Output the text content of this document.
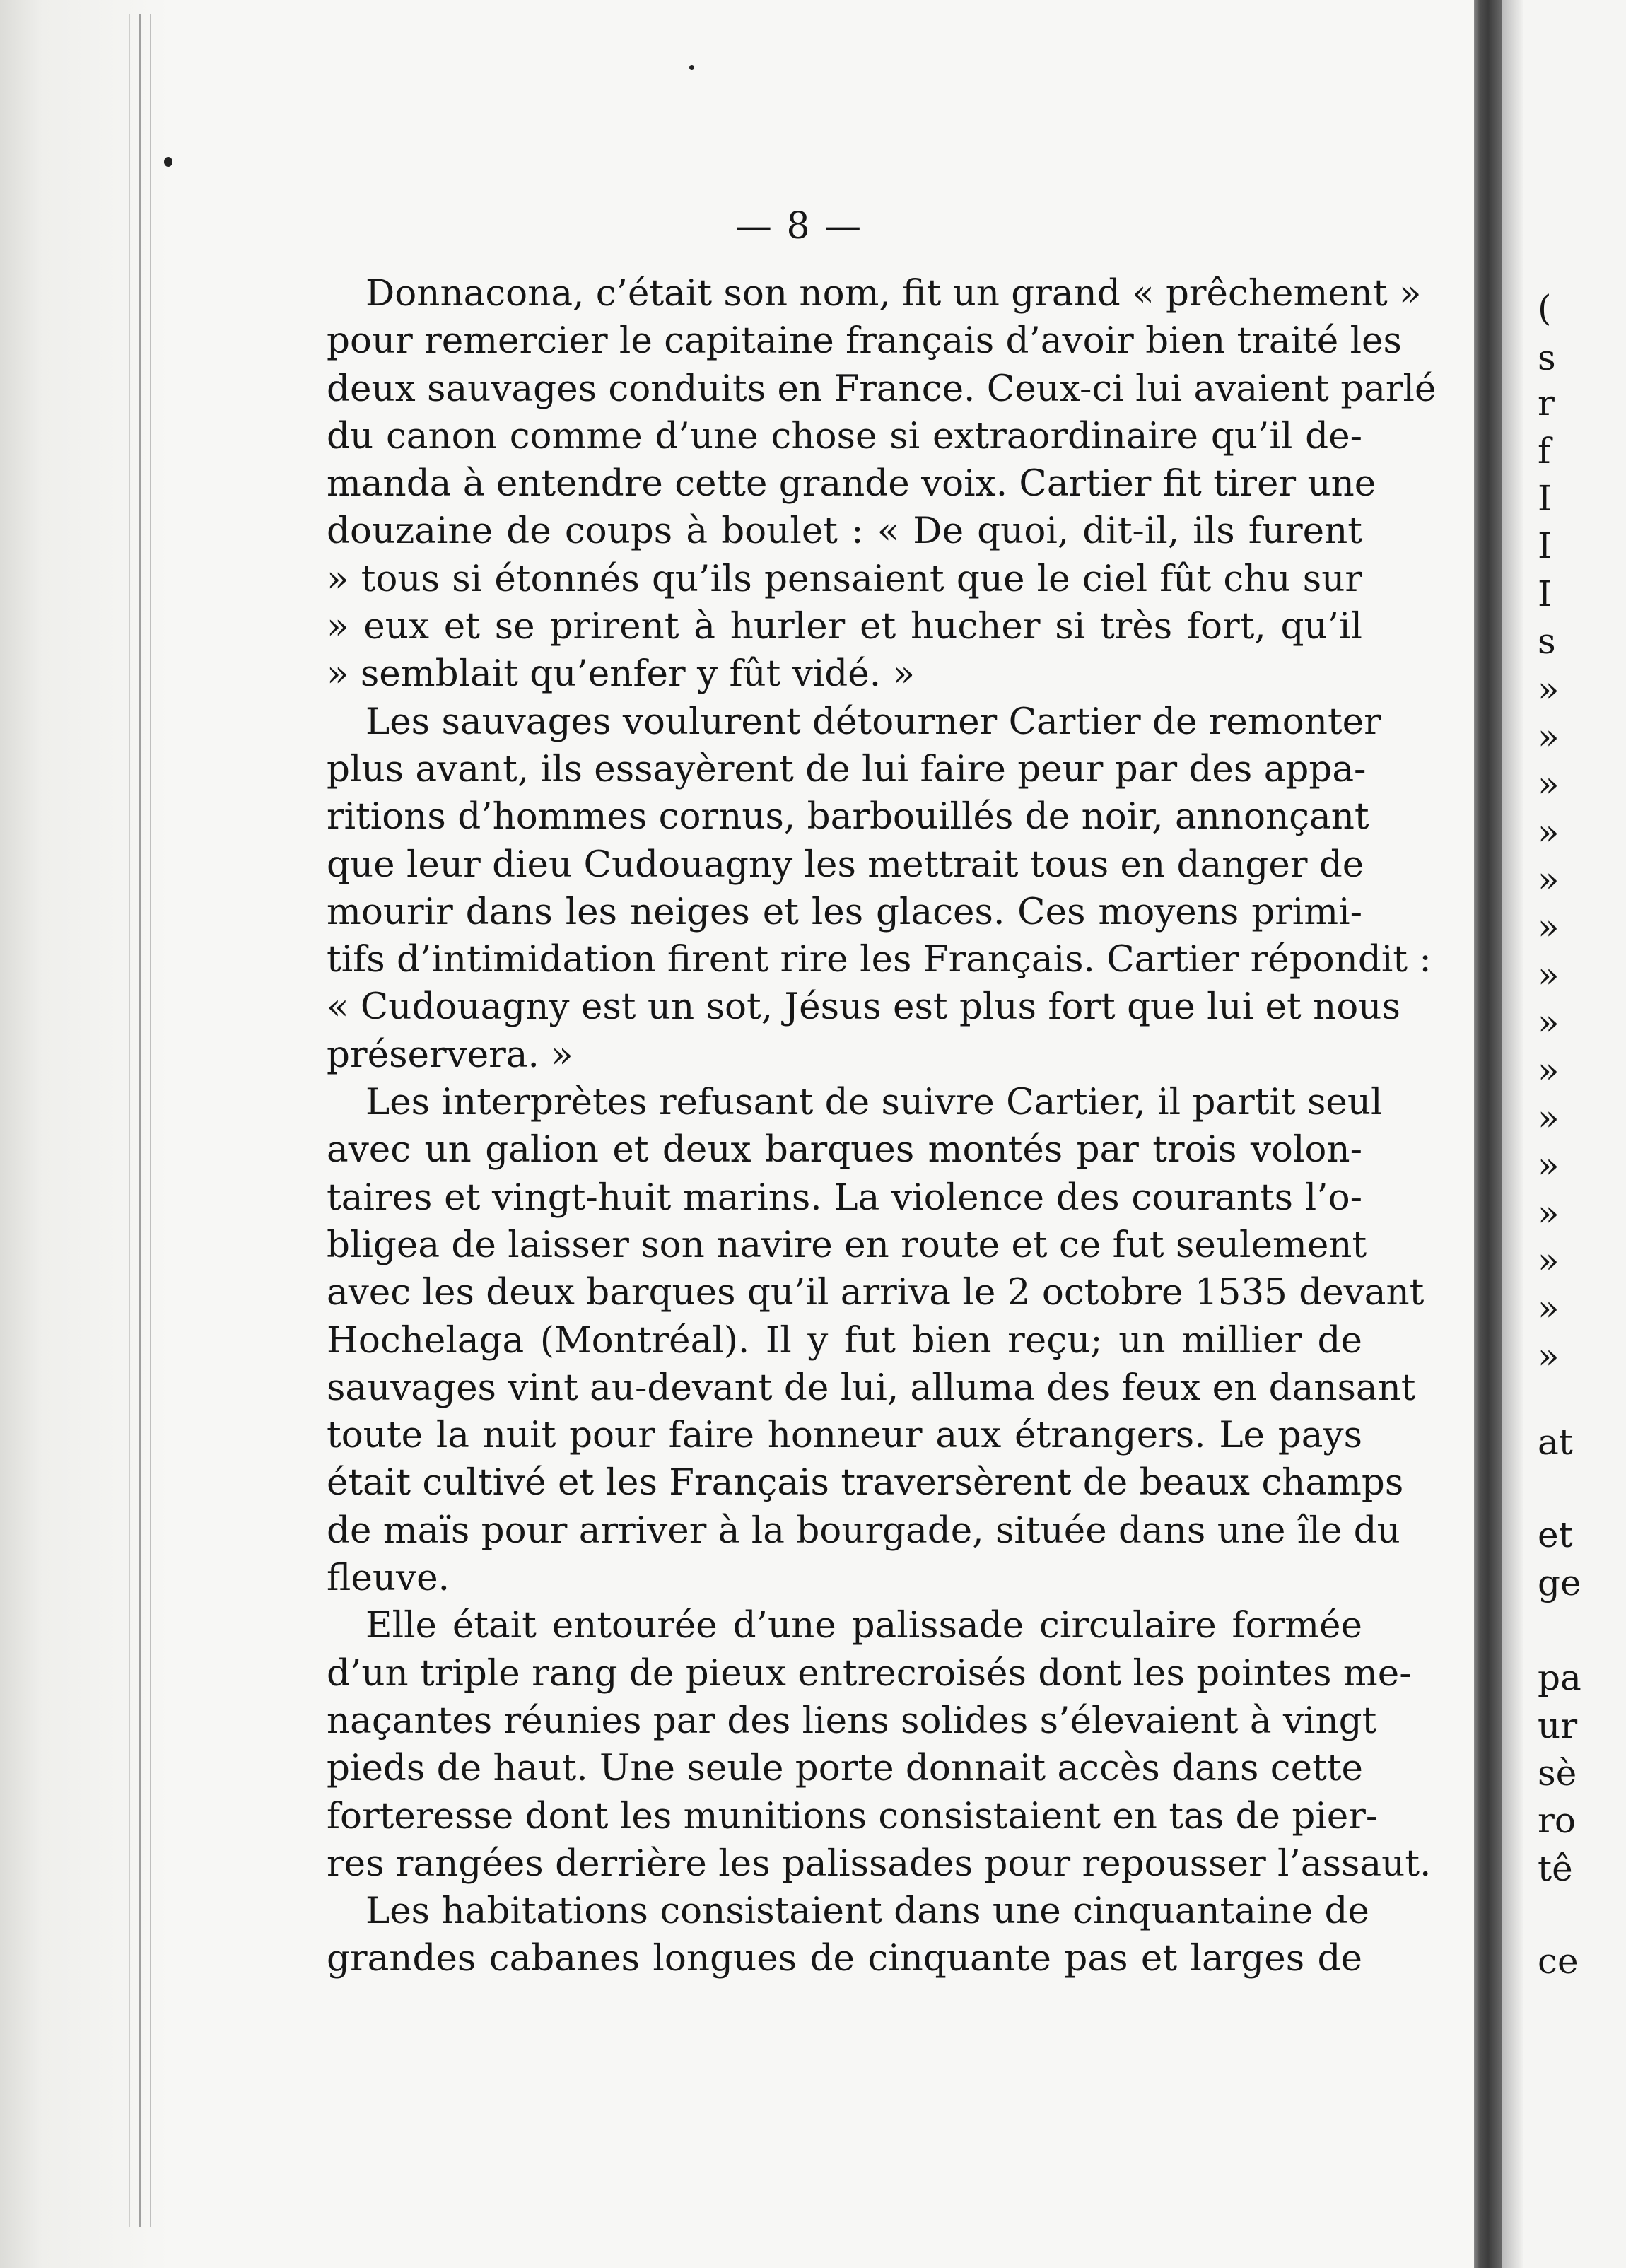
— 8 —
Donnacona, c’était son nom, fit un grand « prêchement »
pour remercier le capitaine français d’avoir bien traité les
deux sauvages conduits en France. Ceux-ci lui avaient parlé
du canon comme d’une chose si extraordinaire qu’il de-
manda à entendre cette grande voix. Cartier fit tirer une
douzaine de coups à boulet : « De quoi, dit-il, ils furent
» tous si étonnés qu’ils pensaient que le ciel fût chu sur
» eux et se prirent à hurler et hucher si très fort, qu’il
» semblait qu’enfer y fût vidé. »
Les sauvages voulurent détourner Cartier de remonter
plus avant, ils essayèrent de lui faire peur par des appa-
ritions d’hommes cornus, barbouillés de noir, annonçant
que leur dieu Cudouagny les mettrait tous en danger de
mourir dans les neiges et les glaces. Ces moyens primi-
tifs d’intimidation firent rire les Français. Cartier répondit :
« Cudouagny est un sot, Jésus est plus fort que lui et nous
préservera. »
Les interprètes refusant de suivre Cartier, il partit seul
avec un galion et deux barques montés par trois volon-
taires et vingt-huit marins. La violence des courants l’o-
bligea de laisser son navire en route et ce fut seulement
avec les deux barques qu’il arriva le 2 octobre 1535 devant
Hochelaga (Montréal). Il y fut bien reçu; un millier de
sauvages vint au-devant de lui, alluma des feux en dansant
toute la nuit pour faire honneur aux étrangers. Le pays
était cultivé et les Français traversèrent de beaux champs
de maïs pour arriver à la bourgade, située dans une île du
fleuve.
Elle était entourée d’une palissade circulaire formée
d’un triple rang de pieux entrecroisés dont les pointes me-
naçantes réunies par des liens solides s’élevaient à vingt
pieds de haut. Une seule porte donnait accès dans cette
forteresse dont les munitions consistaient en tas de pier-
res rangées derrière les palissades pour repousser l’assaut.
Les habitations consistaient dans une cinquantaine de
grandes cabanes longues de cinquante pas et larges de
(
s
r
f
I
I
I
s
»
»
»
»
»
»
»
»
»
»
»
»
»
»
»
at
et
ge
pa
ur
sè
ro
tê
ce
